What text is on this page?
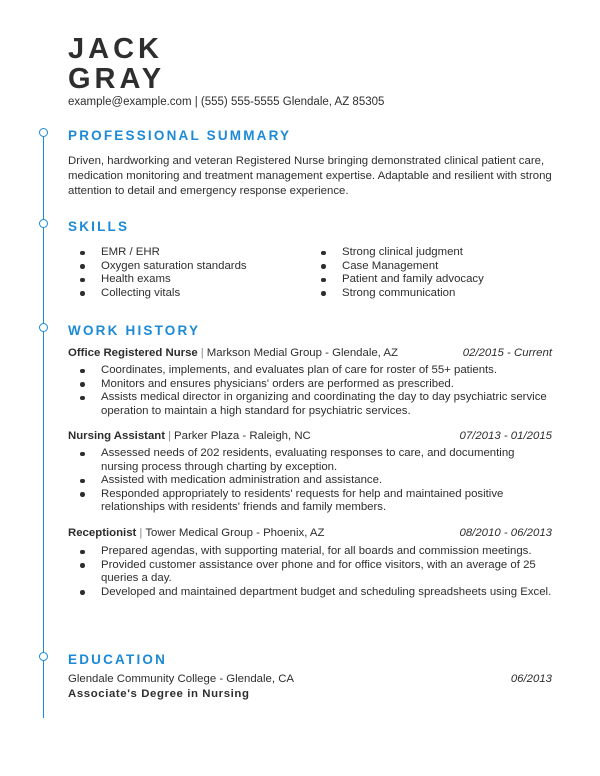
JACK
GRAY
example@example.com | (555) 555-5555 Glendale, AZ 85305
PROFESSIONAL SUMMARY
Driven, hardworking and veteran Registered Nurse bringing demonstrated clinical patient care, medication monitoring and treatment management expertise. Adaptable and resilient with strong attention to detail and emergency response experience.
SKILLS
EMR / EHR
Oxygen saturation standards
Health exams
Collecting vitals
Strong clinical judgment
Case Management
Patient and family advocacy
Strong communication
WORK HISTORY
Office Registered Nurse | Markson Medial Group - Glendale, AZ	02/2015 - Current
Coordinates, implements, and evaluates plan of care for roster of 55+ patients.
Monitors and ensures physicians' orders are performed as prescribed.
Assists medical director in organizing and coordinating the day to day psychiatric service operation to maintain a high standard for psychiatric services.
Nursing Assistant | Parker Plaza - Raleigh, NC	07/2013 - 01/2015
Assessed needs of 202 residents, evaluating responses to care, and documenting nursing process through charting by exception.
Assisted with medication administration and assistance.
Responded appropriately to residents' requests for help and maintained positive relationships with residents' friends and family members.
Receptionist | Tower Medical Group - Phoenix, AZ	08/2010 - 06/2013
Prepared agendas, with supporting material, for all boards and commission meetings.
Provided customer assistance over phone and for office visitors, with an average of 25 queries a day.
Developed and maintained department budget and scheduling spreadsheets using Excel.
EDUCATION
Glendale Community College - Glendale, CA	06/2013
Associate's Degree in Nursing
